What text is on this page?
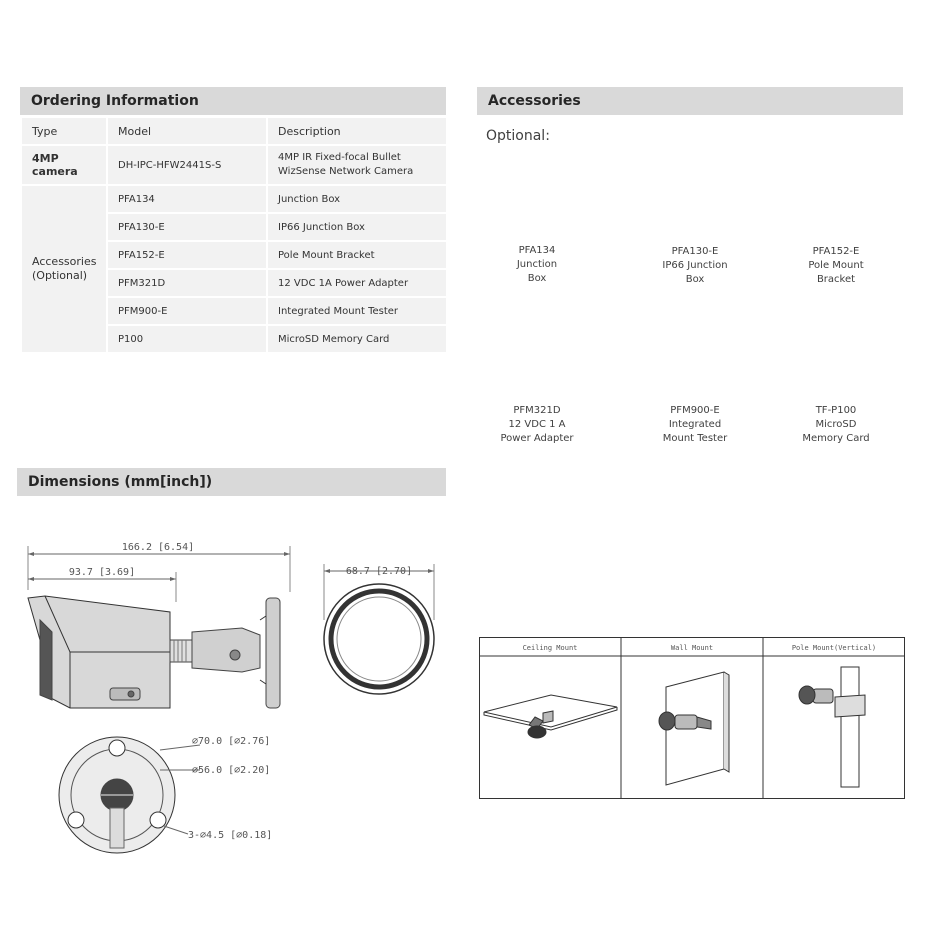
Ordering Information
Type	Model	Description
4MP camera	DH-IPC-HFW2441S-S	4MP IR Fixed-focal Bullet
WizSense Network Camera

Accessories
(Optional)	PFA134	Junction Box
	PFA130-E	IP66 Junction Box
	PFA152-E	Pole Mount Bracket
	PFM321D	12 VDC 1A Power Adapter
	PFM900-E	Integrated Mount Tester
	P100	MicroSD Memory Card
Accessories
Optional:
PFA134
Junction
Box
PFA130-E
IP66 Junction
Box
PFA152-E
Pole Mount
Bracket
PFM321D
12 VDC 1 A
Power Adapter
PFM900-E
Integrated
Mount Tester
TF-P100
MicroSD
Memory Card
Dimensions (mm[inch])
166.2 [6.54]
93.7 [3.69]	68.7 [2.70]
⌀70.0 [⌀2.76]
⌀56.0 [⌀2.20]
3-⌀4.5 [⌀0.18]
Ceiling Mount	Wall Mount	Pole Mount(Vertical)
